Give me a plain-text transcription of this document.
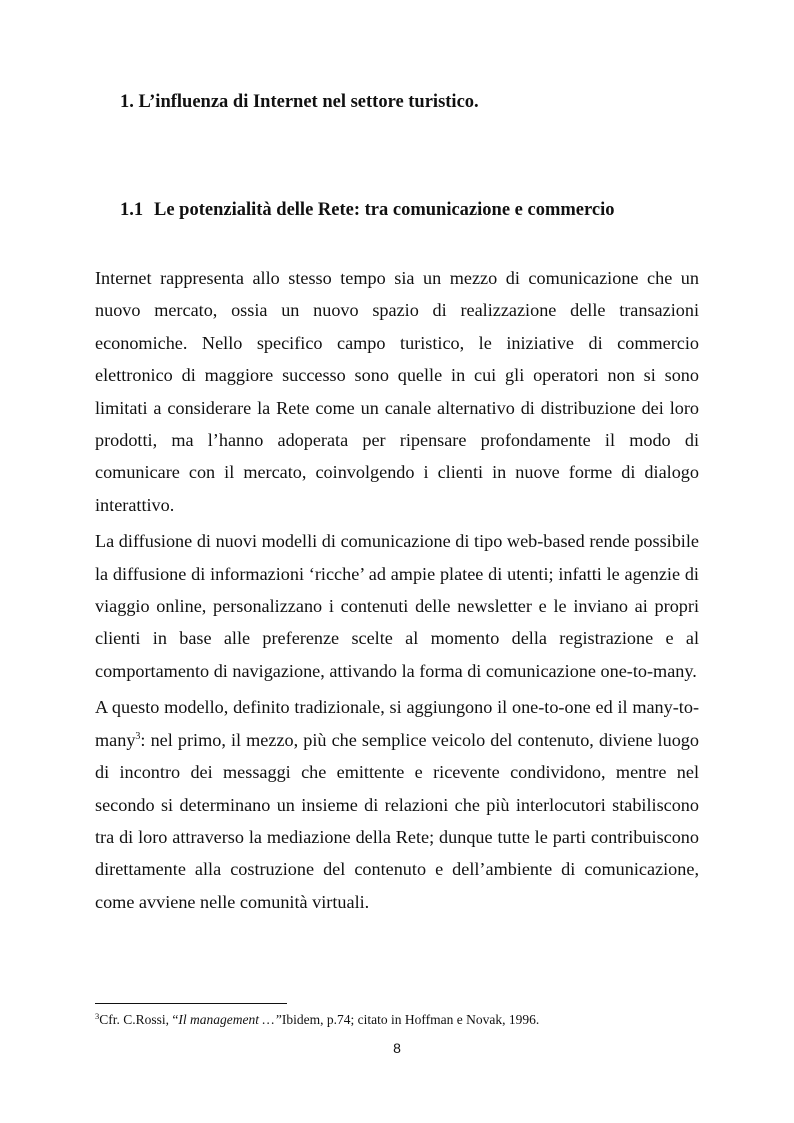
1. L’influenza di Internet nel settore turistico.
1.1 Le potenzialità delle Rete: tra comunicazione e commercio

Internet rappresenta allo stesso tempo sia un mezzo di comunicazione che un nuovo mercato, ossia un nuovo spazio di realizzazione delle transazioni economiche. Nello specifico campo turistico, le iniziative di commercio elettronico di maggiore successo sono quelle in cui gli operatori non si sono limitati a considerare la Rete come un canale alternativo di distribuzione dei loro prodotti, ma l’hanno adoperata per ripensare profondamente il modo di comunicare con il mercato, coinvolgendo i clienti in nuove forme di dialogo interattivo.

La diffusione di nuovi modelli di comunicazione di tipo web-based rende possibile la diffusione di informazioni ‘ricche’ ad ampie platee di utenti; infatti le agenzie di viaggio online, personalizzano i contenuti delle newsletter e le inviano ai propri clienti in base alle preferenze scelte al momento della registrazione e al comportamento di navigazione, attivando la forma di comunicazione one-to-many.

A questo modello, definito tradizionale, si aggiungono il one-to-one ed il many-to-many$^3$: nel primo, il mezzo, più che semplice veicolo del contenuto, diviene luogo di incontro dei messaggi che emittente e ricevente condividono, mentre nel secondo si determinano un insieme di relazioni che più interlocutori stabiliscono tra di loro attraverso la mediazione della Rete; dunque tutte le parti contribuiscono direttamente alla costruzione del contenuto e dell’ambiente di comunicazione, come avviene nelle comunità virtuali.

$^3$Cfr. C.Rossi, “Il management …”Ibidem, p.74; citato in Hoffman e Novak, 1996.
8
